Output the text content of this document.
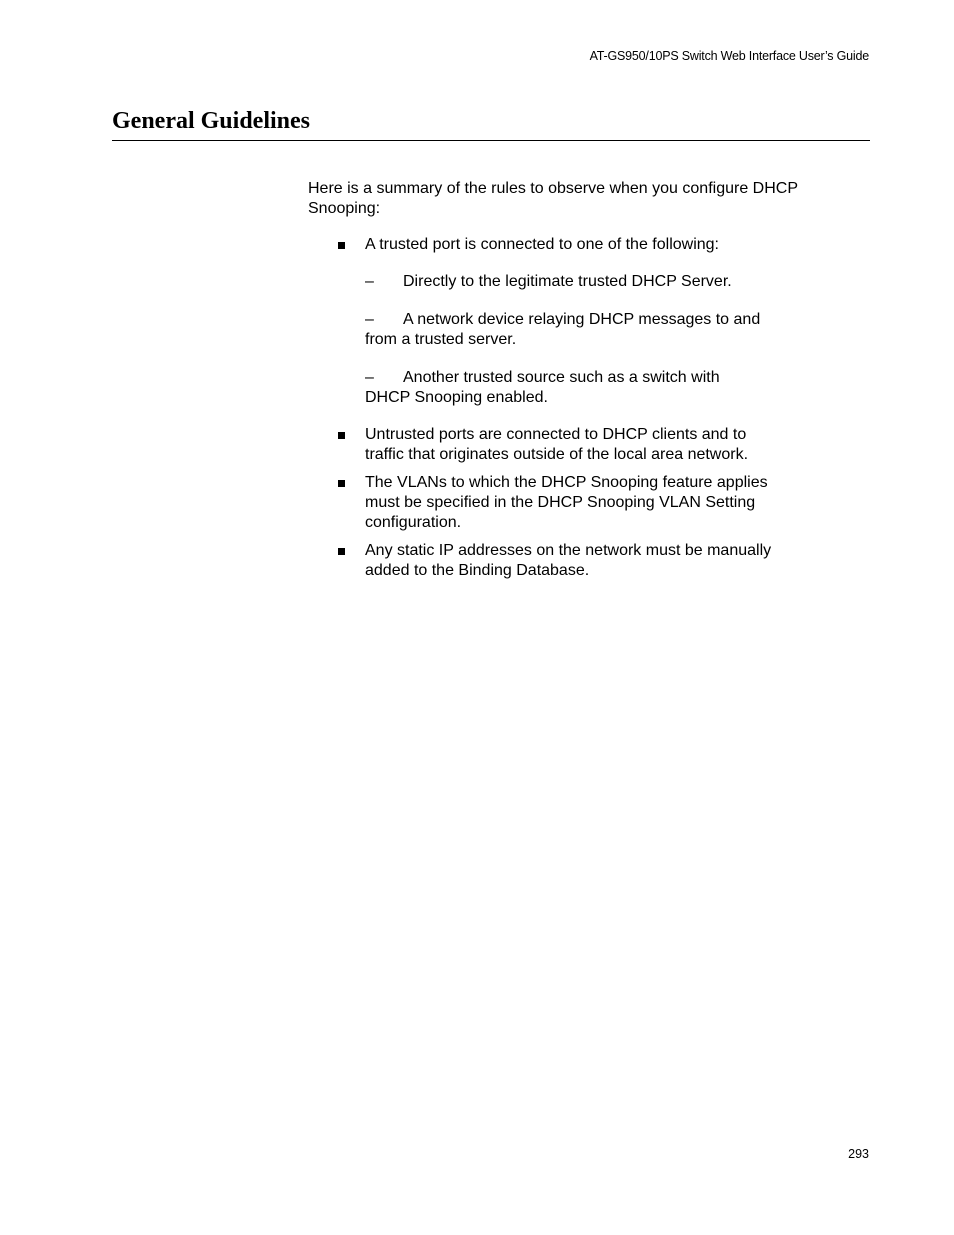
AT-GS950/10PS Switch Web Interface User’s Guide
General Guidelines

Here is a summary of the rules to observe when you configure DHCP Snooping:

A trusted port is connected to one of the following:
– Directly to the legitimate trusted DHCP Server.
– A network device relaying DHCP messages to and from a trusted server.
– Another trusted source such as a switch with DHCP Snooping enabled.
Untrusted ports are connected to DHCP clients and to traffic that originates outside of the local area network.
The VLANs to which the DHCP Snooping feature applies must be specified in the DHCP Snooping VLAN Setting configuration.
Any static IP addresses on the network must be manually added to the Binding Database.
293
